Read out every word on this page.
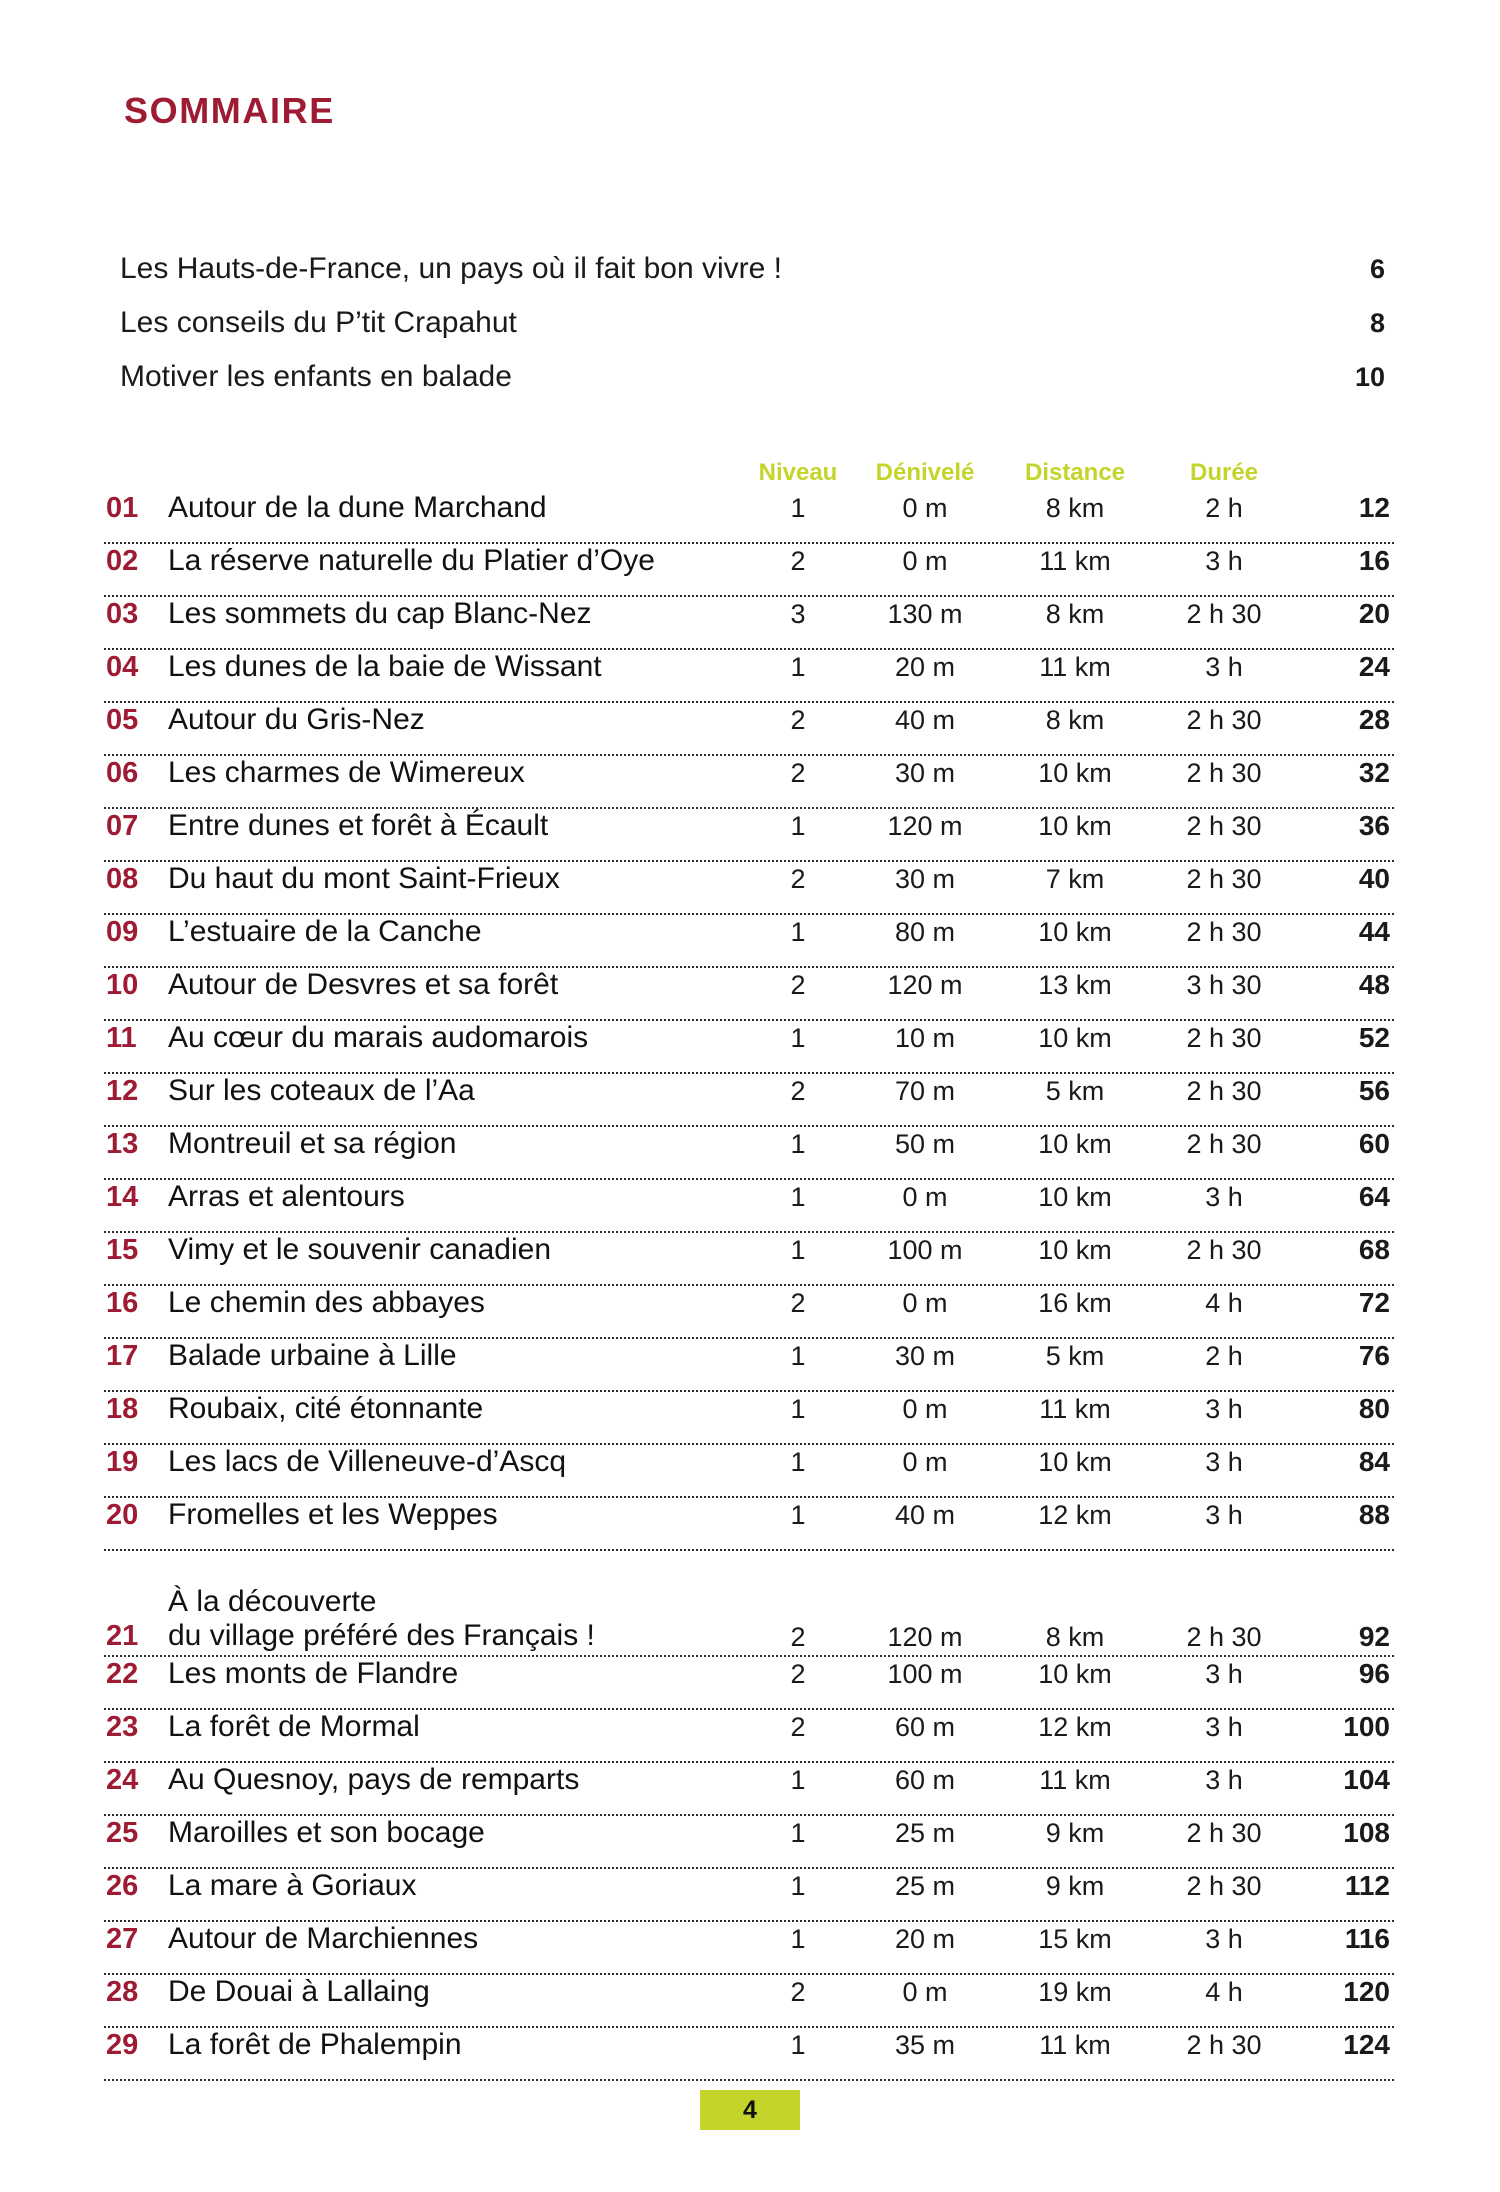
SOMMAIRE
Les Hauts-de-France, un pays où il fait bon vivre !	6
Les conseils du P’tit Crapahut	8
Motiver les enfants en balade	10
Niveau	Dénivelé	Distance	Durée
01 Autour de la dune Marchand	1	0 m	8 km	2 h	12
02 La réserve naturelle du Platier d’Oye	2	0 m	11 km	3 h	16
03 Les sommets du cap Blanc-Nez	3	130 m	8 km	2 h 30	20
04 Les dunes de la baie de Wissant	1	20 m	11 km	3 h	24
05 Autour du Gris-Nez	2	40 m	8 km	2 h 30	28
06 Les charmes de Wimereux	2	30 m	10 km	2 h 30	32
07 Entre dunes et forêt à Écault	1	120 m	10 km	2 h 30	36
08 Du haut du mont Saint-Frieux	2	30 m	7 km	2 h 30	40
09 L’estuaire de la Canche	1	80 m	10 km	2 h 30	44
10 Autour de Desvres et sa forêt	2	120 m	13 km	3 h 30	48
11	Au cœur du marais audomarois	1	10 m	10 km	2 h 30	52
12 Sur les coteaux de l’Aa	2	70 m	5 km	2 h 30	56
13 Montreuil et sa région	1	50 m	10 km	2 h 30	60
14 Arras et alentours	1	0 m	10 km	3 h	64
15 Vimy et le souvenir canadien	1	100 m	10 km	2 h 30	68
16 Le chemin des abbayes	2	0 m	16 km	4 h	72
17 Balade urbaine à Lille	1	30 m	5 km	2 h	76
18 Roubaix, cité étonnante	1	0 m	11 km	3 h	80
19 Les lacs de Villeneuve-d’Ascq	1	0 m	10 km	3 h	84
20 Fromelles et les Weppes	1	40 m	12 km	3 h	88
21
À la découverte
du village préféré des Français !	2	120 m	8 km	2 h 30	92
22 Les monts de Flandre	2	100 m	10 km	3 h	96
23 La forêt de Mormal	2	60 m	12 km	3 h	100
24 Au Quesnoy, pays de remparts	1	60 m	11 km	3 h	104
25 Maroilles et son bocage	1	25 m	9 km	2 h 30	108
26 La mare à Goriaux	1	25 m	9 km	2 h 30	112
27 Autour de Marchiennes	1	20 m	15 km	3 h	116
28 De Douai à Lallaing	2	0 m	19 km	4 h	120
29 La forêt de Phalempin	1	35 m	11 km	2 h 30	124
4
